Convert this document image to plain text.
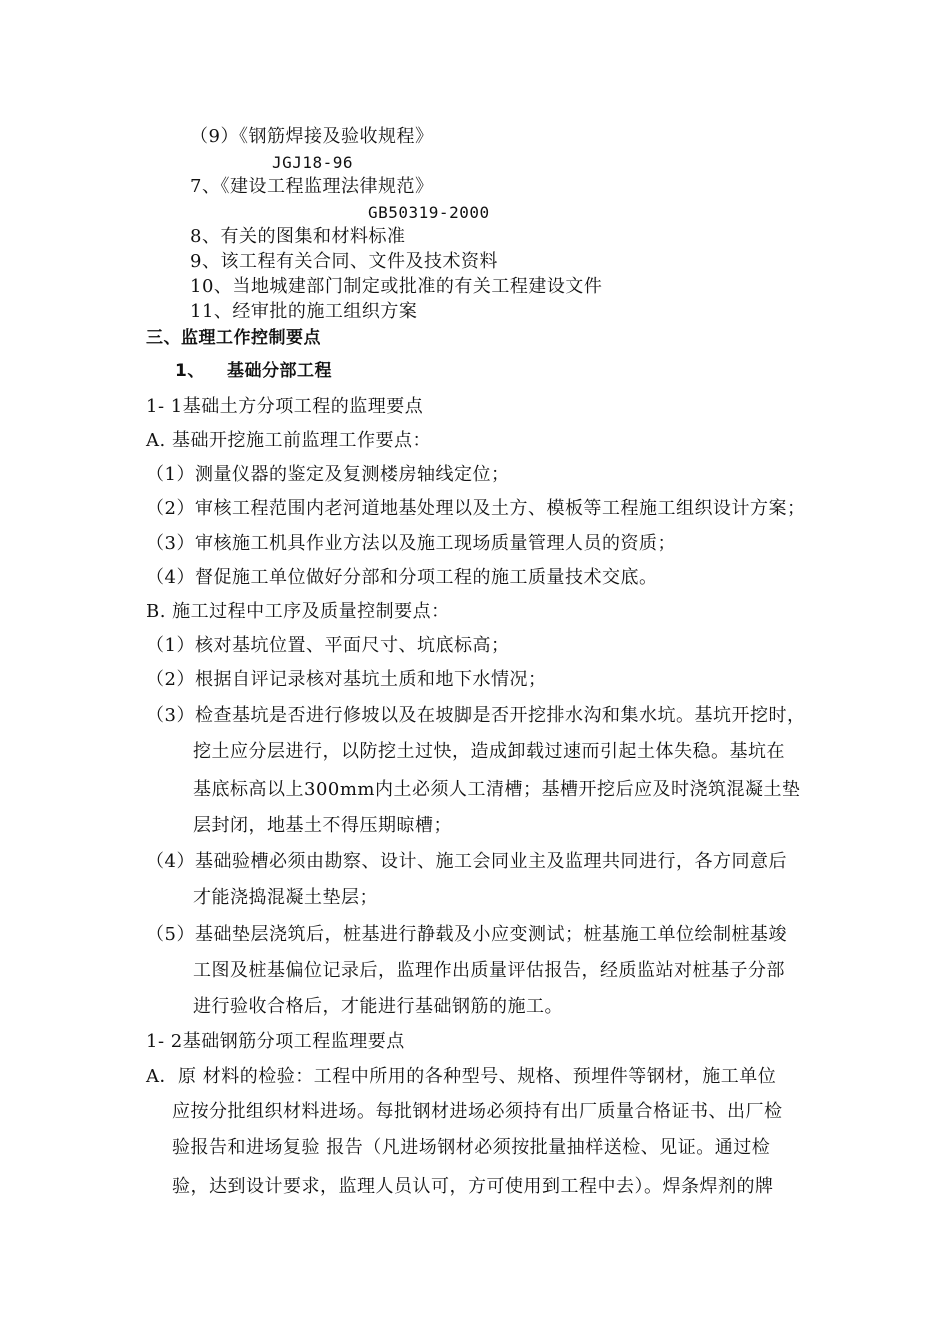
（9）《钢筋焊接及验收规程》
JGJ18-96
7、《建设工程监理法律规范》
GB50319-2000
8、有关的图集和材料标准
9、该工程有关合同、文件及技术资料
10、当地城建部门制定或批准的有关工程建设文件
11、经审批的施工组织方案
三、监理工作控制要点
1、 基础分部工程
1- 1基础土方分项工程的监理要点
A. 基础开挖施工前监理工作要点：
（1）测量仪器的鉴定及复测楼房轴线定位；
（2）审核工程范围内老河道地基处理以及土方、模板等工程施工组织设计方案；
（3）审核施工机具作业方法以及施工现场质量管理人员的资质；
（4）督促施工单位做好分部和分项工程的施工质量技术交底。
B. 施工过程中工序及质量控制要点：
（1）核对基坑位置、平面尺寸、坑底标高；
（2）根据自评记录核对基坑土质和地下水情况；
（3）检查基坑是否进行修坡以及在坡脚是否开挖排水沟和集水坑。基坑开挖时，
挖土应分层进行，以防挖土过快，造成卸载过速而引起土体失稳。基坑在
基底标高以上300mm内土必须人工清槽；基槽开挖后应及时浇筑混凝土垫
层封闭，地基土不得压期晾槽；
（4）基础验槽必须由勘察、设计、施工会同业主及监理共同进行，各方同意后
才能浇捣混凝土垫层；
（5）基础垫层浇筑后，桩基进行静载及小应变测试；桩基施工单位绘制桩基竣
工图及桩基偏位记录后，监理作出质量评估报告，经质监站对桩基子分部
进行验收合格后，才能进行基础钢筋的施工。
1- 2基础钢筋分项工程监理要点
A．原 材料的检验：工程中所用的各种型号、规格、预埋件等钢材，施工单位
应按分批组织材料进场。每批钢材进场必须持有出厂质量合格证书、出厂检
验报告和进场复验 报告（凡进场钢材必须按批量抽样送检、见证。通过检
验，达到设计要求，监理人员认可，方可使用到工程中去）。焊条焊剂的牌
